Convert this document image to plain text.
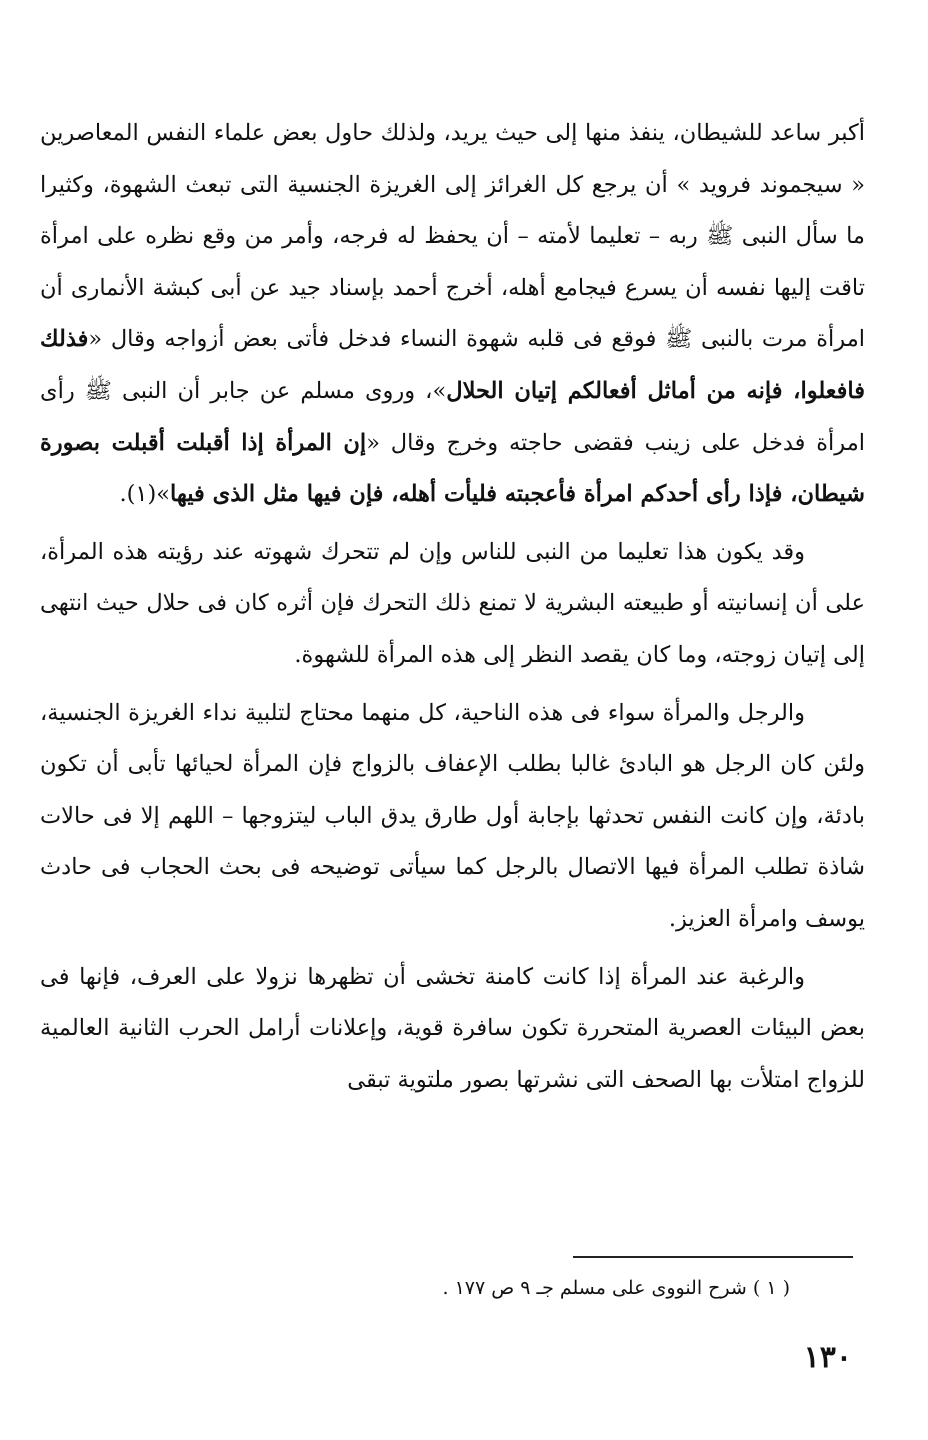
أكبر ساعد للشيطان، ينفذ منها إلى حيث يريد، ولذلك حاول بعض علماء النفس المعاصرين « سيجموند فرويد » أن يرجع كل الغرائز إلى الغريزة الجنسية التى تبعث الشهوة، وكثيرا ما سأل النبى ﷺ ربه – تعليما لأمته – أن يحفظ له فرجه، وأمر من وقع نظره على امرأة تاقت إليها نفسه أن يسرع فيجامع أهله، أخرج أحمد بإسناد جيد عن أبى كبشة الأنمارى أن امرأة مرت بالنبى ﷺ فوقع فى قلبه شهوة النساء فدخل فأتى بعض أزواجه وقال «فذلك فافعلوا، فإنه من أماثل أفعالكم إتيان الحلال»، وروى مسلم عن جابر أن النبى ﷺ رأى امرأة فدخل على زينب فقضى حاجته وخرج وقال «إن المرأة إذا أقبلت أقبلت بصورة شيطان، فإذا رأى أحدكم امرأة فأعجبته فليأت أهله، فإن فيها مثل الذى فيها»(١).

وقد يكون هذا تعليما من النبى للناس وإن لم تتحرك شهوته عند رؤيته هذه المرأة، على أن إنسانيته أو طبيعته البشرية لا تمنع ذلك التحرك فإن أثره كان فى حلال حيث انتهى إلى إتيان زوجته، وما كان يقصد النظر إلى هذه المرأة للشهوة.

والرجل والمرأة سواء فى هذه الناحية، كل منهما محتاج لتلبية نداء الغريزة الجنسية، ولئن كان الرجل هو البادئ غالبا بطلب الإعفاف بالزواج فإن المرأة لحيائها تأبى أن تكون بادئة، وإن كانت النفس تحدثها بإجابة أول طارق يدق الباب ليتزوجها – اللهم إلا فى حالات شاذة تطلب المرأة فيها الاتصال بالرجل كما سيأتى توضيحه فى بحث الحجاب فى حادث يوسف وامرأة العزيز.

والرغبة عند المرأة إذا كانت كامنة تخشى أن تظهرها نزولا على العرف، فإنها فى بعض البيئات العصرية المتحررة تكون سافرة قوية، وإعلانات أرامل الحرب الثانية العالمية للزواج امتلأت بها الصحف التى نشرتها بصور ملتوية تبقى

( ١ ) شرح النووى على مسلم جـ ٩ ص ١٧٧ .
١٣٠
